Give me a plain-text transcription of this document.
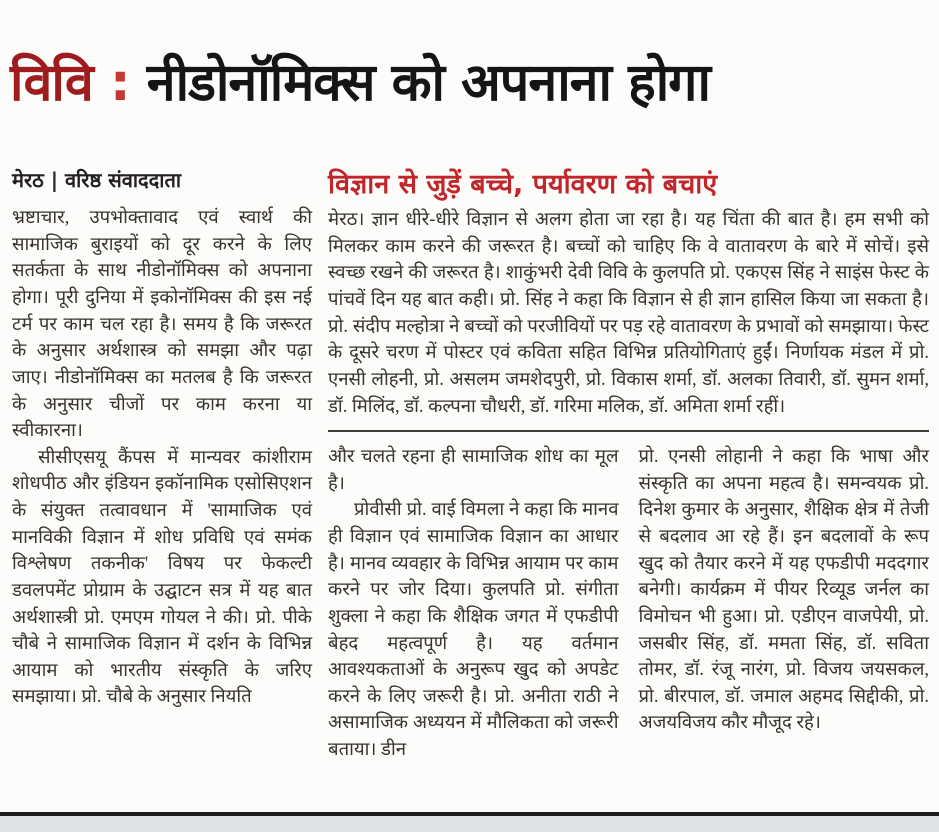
विवि : नीडोनॉमिक्स को अपनाना होगा
मेरठ | वरिष्ठ संवाददाता

भ्रष्टाचार, उपभोक्तावाद एवं स्वार्थ की सामाजिक बुराइयों को दूर करने के लिए सतर्कता के साथ नीडोनॉमिक्स को अपनाना होगा। पूरी दुनिया में इकोनॉमिक्स की इस नई टर्म पर काम चल रहा है। समय है कि जरूरत के अनुसार अर्थशास्त्र को समझा और पढ़ा जाए। नीडोनॉमिक्स का मतलब है कि जरूरत के अनुसार चीजों पर काम करना या स्वीकारना।

सीसीएसयू कैंपस में मान्यवर कांशीराम शोधपीठ और इंडियन इकॉनामिक एसोसिएशन के संयुक्त तत्वावधान में 'सामाजिक एवं मानविकी विज्ञान में शोध प्रविधि एवं समंक विश्लेषण तकनीक' विषय पर फेकल्टी डवलपमेंट प्रोग्राम के उद्घाटन सत्र में यह बात अर्थशास्त्री प्रो. एमएम गोयल ने की। प्रो. पीके चौबे ने सामाजिक विज्ञान में दर्शन के विभिन्न आयाम को भारतीय संस्कृति के जरिए समझाया। प्रो. चौबे के अनुसार नियति

विज्ञान से जुड़ें बच्चे, पर्यावरण को बचाएं

मेरठ। ज्ञान धीरे-धीरे विज्ञान से अलग होता जा रहा है। यह चिंता की बात है। हम सभी को मिलकर काम करने की जरूरत है। बच्चों को चाहिए कि वे वातावरण के बारे में सोचें। इसे स्वच्छ रखने की जरूरत है। शाकुंभरी देवी विवि के कुलपति प्रो. एकएस सिंह ने साइंस फेस्ट के पांचवें दिन यह बात कही। प्रो. सिंह ने कहा कि विज्ञान से ही ज्ञान हासिल किया जा सकता है। प्रो. संदीप मल्होत्रा ने बच्चों को परजीवियों पर पड़ रहे वातावरण के प्रभावों को समझाया। फेस्ट के दूसरे चरण में पोस्टर एवं कविता सहित विभिन्न प्रतियोगिताएं हुईं। निर्णायक मंडल में प्रो. एनसी लोहनी, प्रो. असलम जमशेदपुरी, प्रो. विकास शर्मा, डॉ. अलका तिवारी, डॉ. सुमन शर्मा, डॉ. मिलिंद, डॉ. कल्पना चौधरी, डॉ. गरिमा मलिक, डॉ. अमिता शर्मा रहीं।

और चलते रहना ही सामाजिक शोध का मूल है।

प्रोवीसी प्रो. वाई विमला ने कहा कि मानव ही विज्ञान एवं सामाजिक विज्ञान का आधार है। मानव व्यवहार के विभिन्न आयाम पर काम करने पर जोर दिया। कुलपति प्रो. संगीता शुक्ला ने कहा कि शैक्षिक जगत में एफडीपी बेहद महत्वपूर्ण है। यह वर्तमान आवश्यकताओं के अनुरूप खुद को अपडेट करने के लिए जरूरी है। प्रो. अनीता राठी ने असामाजिक अध्ययन में मौलिकता को जरूरी बताया। डीन

प्रो. एनसी लोहानी ने कहा कि भाषा और संस्कृति का अपना महत्व है। समन्वयक प्रो. दिनेश कुमार के अनुसार, शैक्षिक क्षेत्र में तेजी से बदलाव आ रहे हैं। इन बदलावों के रूप खुद को तैयार करने में यह एफडीपी मददगार बनेगी। कार्यक्रम में पीयर रिव्यूड जर्नल का विमोचन भी हुआ। प्रो. एडीएन वाजपेयी, प्रो. जसबीर सिंह, डॉ. ममता सिंह, डॉ. सविता तोमर, डॉ. रंजू नारंग, प्रो. विजय जयसकल, प्रो. बीरपाल, डॉ. जमाल अहमद सिद्दीकी, प्रो. अजयविजय कौर मौजूद रहे।
